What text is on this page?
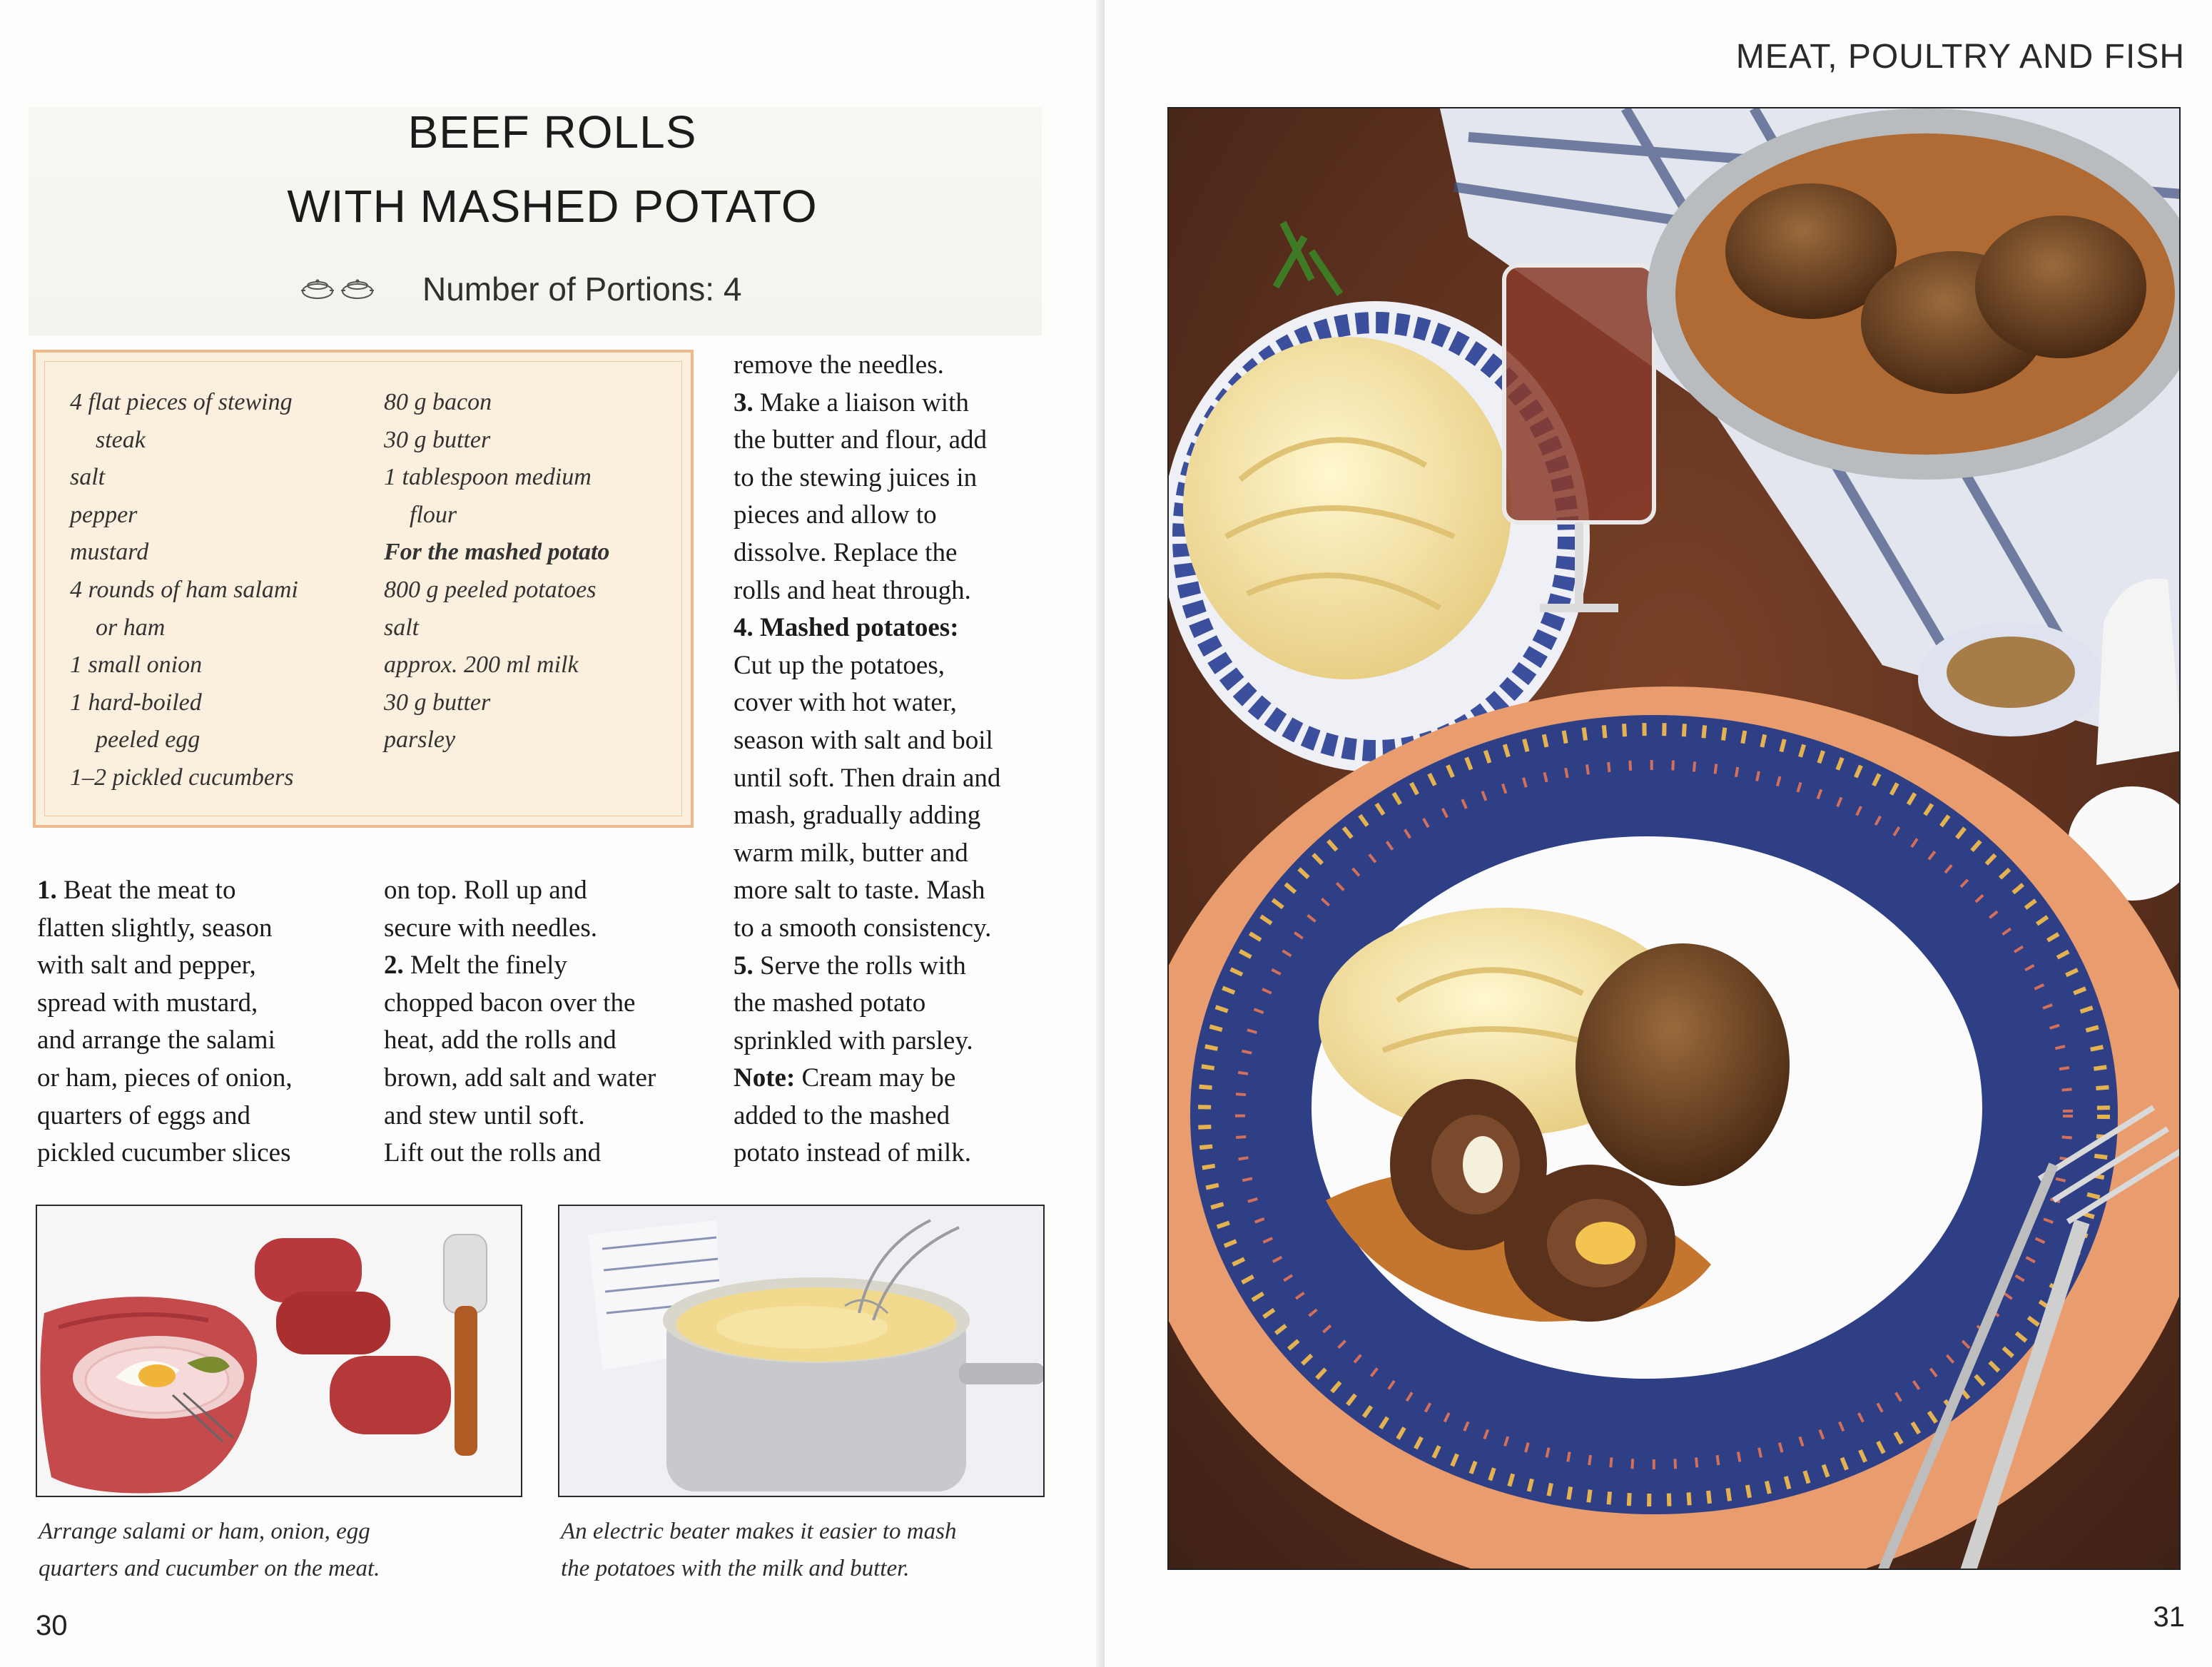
BEEF ROLLS
WITH MASHED POTATO
Number of Portions: 4
4 flat pieces of stewing
steak
salt
pepper
mustard
4 rounds of ham salami
or ham
1 small onion
1 hard-boiled
peeled egg
1–2 pickled cucumbers
80 g bacon
30 g butter
1 tablespoon medium
flour
For the mashed potato
800 g peeled potatoes
salt
approx. 200 ml milk
30 g butter
parsley

1. Beat the meat to
flatten slightly, season
with salt and pepper,
spread with mustard,
and arrange the salami
or ham, pieces of onion,
quarters of eggs and
pickled cucumber slices

on top. Roll up and
secure with needles.
2. Melt the finely
chopped bacon over the
heat, add the rolls and
brown, add salt and water
and stew until soft.
Lift out the rolls and

remove the needles.
3. Make a liaison with
the butter and flour, add
to the stewing juices in
pieces and allow to
dissolve. Replace the
rolls and heat through.
4. Mashed potatoes:
Cut up the potatoes,
cover with hot water,
season with salt and boil
until soft. Then drain and
mash, gradually adding
warm milk, butter and
more salt to taste. Mash
to a smooth consistency.
5. Serve the rolls with
the mashed potato
sprinkled with parsley.
Note: Cream may be
added to the mashed
potato instead of milk.

Arrange salami or ham, onion, egg
quarters and cucumber on the meat.

An electric beater makes it easier to mash
the potatoes with the milk and butter.

30
MEAT, POULTRY AND FISH
31
